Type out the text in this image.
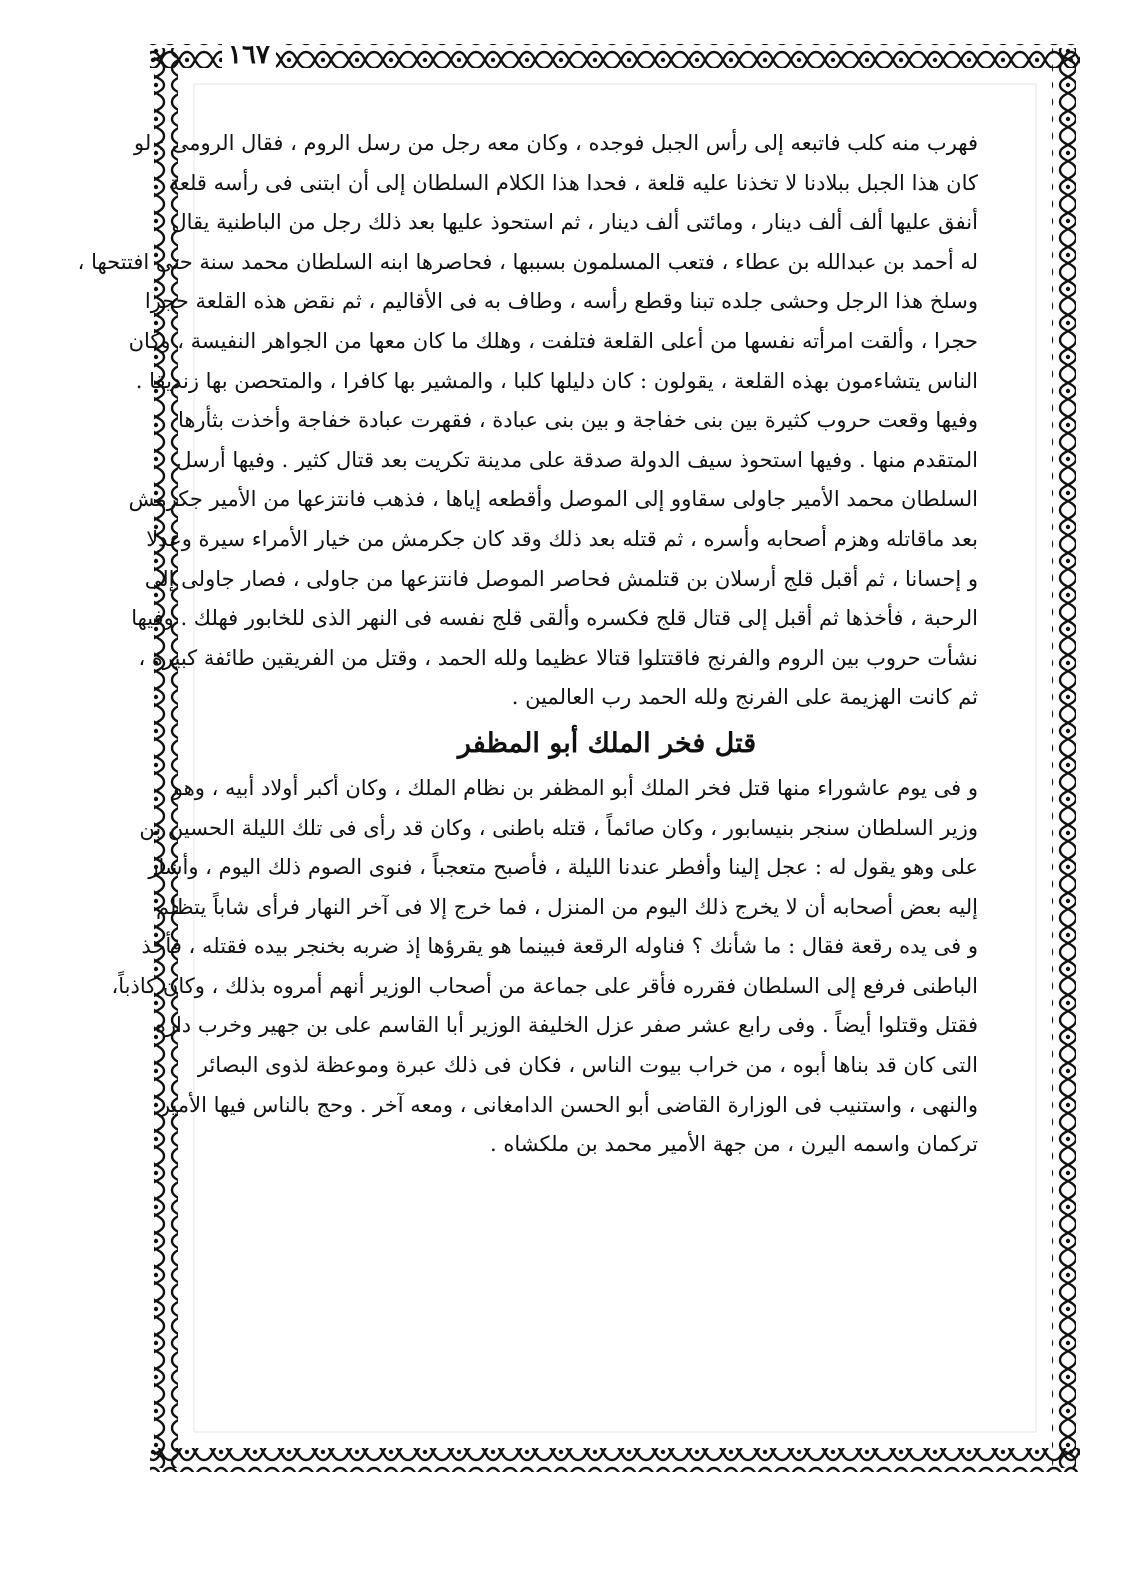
١٦٧
فهرب منه كلب فاتبعه إلى رأس الجبل فوجده ، وكان معه رجل من رسل الروم ، فقال الرومى : لو
كان هذا الجبل ببلادنا لا تخذنا عليه قلعة ، فحدا هذا الكلام السلطان إلى أن ابتنى فى رأسه قلعة
أنفق عليها ألف ألف دينار ، ومائتى ألف دينار ، ثم استحوذ عليها بعد ذلك رجل من الباطنية يقال
له أحمد بن عبدالله بن عطاء ، فتعب المسلمون بسببها ، فحاصرها ابنه السلطان محمد سنة حتى افتتحها ،
وسلخ هذا الرجل وحشى جلده تبنا وقطع رأسه ، وطاف به فى الأقاليم ، ثم نقض هذه القلعة حجرا
حجرا ، وألقت امرأته نفسها من أعلى القلعة فتلفت ، وهلك ما كان معها من الجواهر النفيسة ، وكان
الناس يتشاءمون بهذه القلعة ، يقولون : كان دليلها كلبا ، والمشير بها كافرا ، والمتحصن بها زنديقا .
وفيها وقعت حروب كثيرة بين بنى خفاجة و بين بنى عبادة ، فقهرت عبادة خفاجة وأخذت بثأرها
المتقدم منها . وفيها استحوذ سيف الدولة صدقة على مدينة تكريت بعد قتال كثير . وفيها أرسل
السلطان محمد الأمير جاولى سقاوو إلى الموصل وأقطعه إياها ، فذهب فانتزعها من الأمير جكرمش
بعد ماقاتله وهزم أصحابه وأسره ، ثم قتله بعد ذلك وقد كان جكرمش من خيار الأمراء سيرة وعدلا
و إحسانا ، ثم أقبل قلج أرسلان بن قتلمش فحاصر الموصل فانتزعها من جاولى ، فصار جاولى إلى
الرحبة ، فأخذها ثم أقبل إلى قتال قلج فكسره وألقى قلج نفسه فى النهر الذى للخابور فهلك . وفيها
نشأت حروب بين الروم والفرنج فاقتتلوا قتالا عظيما ولله الحمد ، وقتل من الفريقين طائفة كبيرة ،
ثم كانت الهزيمة على الفرنج ولله الحمد رب العالمين .
قتل فخر الملك أبو المظفر
و فى يوم عاشوراء منها قتل فخر الملك أبو المظفر بن نظام الملك ، وكان أكبر أولاد أبيه ، وهو
وزير السلطان سنجر بنيسابور ، وكان صائماً ، قتله باطنى ، وكان قد رأى فى تلك الليلة الحسين بن
على وهو يقول له : عجل إلينا وأفطر عندنا الليلة ، فأصبح متعجباً ، فنوى الصوم ذلك اليوم ، وأشار
إليه بعض أصحابه أن لا يخرج ذلك اليوم من المنزل ، فما خرج إلا فى آخر النهار فرأى شاباً يتظلم
و فى يده رقعة فقال : ما شأنك ؟ فناوله الرقعة فبينما هو يقرؤها إذ ضربه بخنجر بيده فقتله ، فأخذ
الباطنى فرفع إلى السلطان فقرره فأقر على جماعة من أصحاب الوزير أنهم أمروه بذلك ، وكان كاذباً،
فقتل وقتلوا أيضاً . وفى رابع عشر صفر عزل الخليفة الوزير أبا القاسم على بن جهير وخرب داره
التى كان قد بناها أبوه ، من خراب بيوت الناس ، فكان فى ذلك عبرة وموعظة لذوى البصائر
والنهى ، واستنيب فى الوزارة القاضى أبو الحسن الدامغانى ، ومعه آخر . وحج بالناس فيها الأمير
تركمان واسمه اليرن ، من جهة الأمير محمد بن ملكشاه .
